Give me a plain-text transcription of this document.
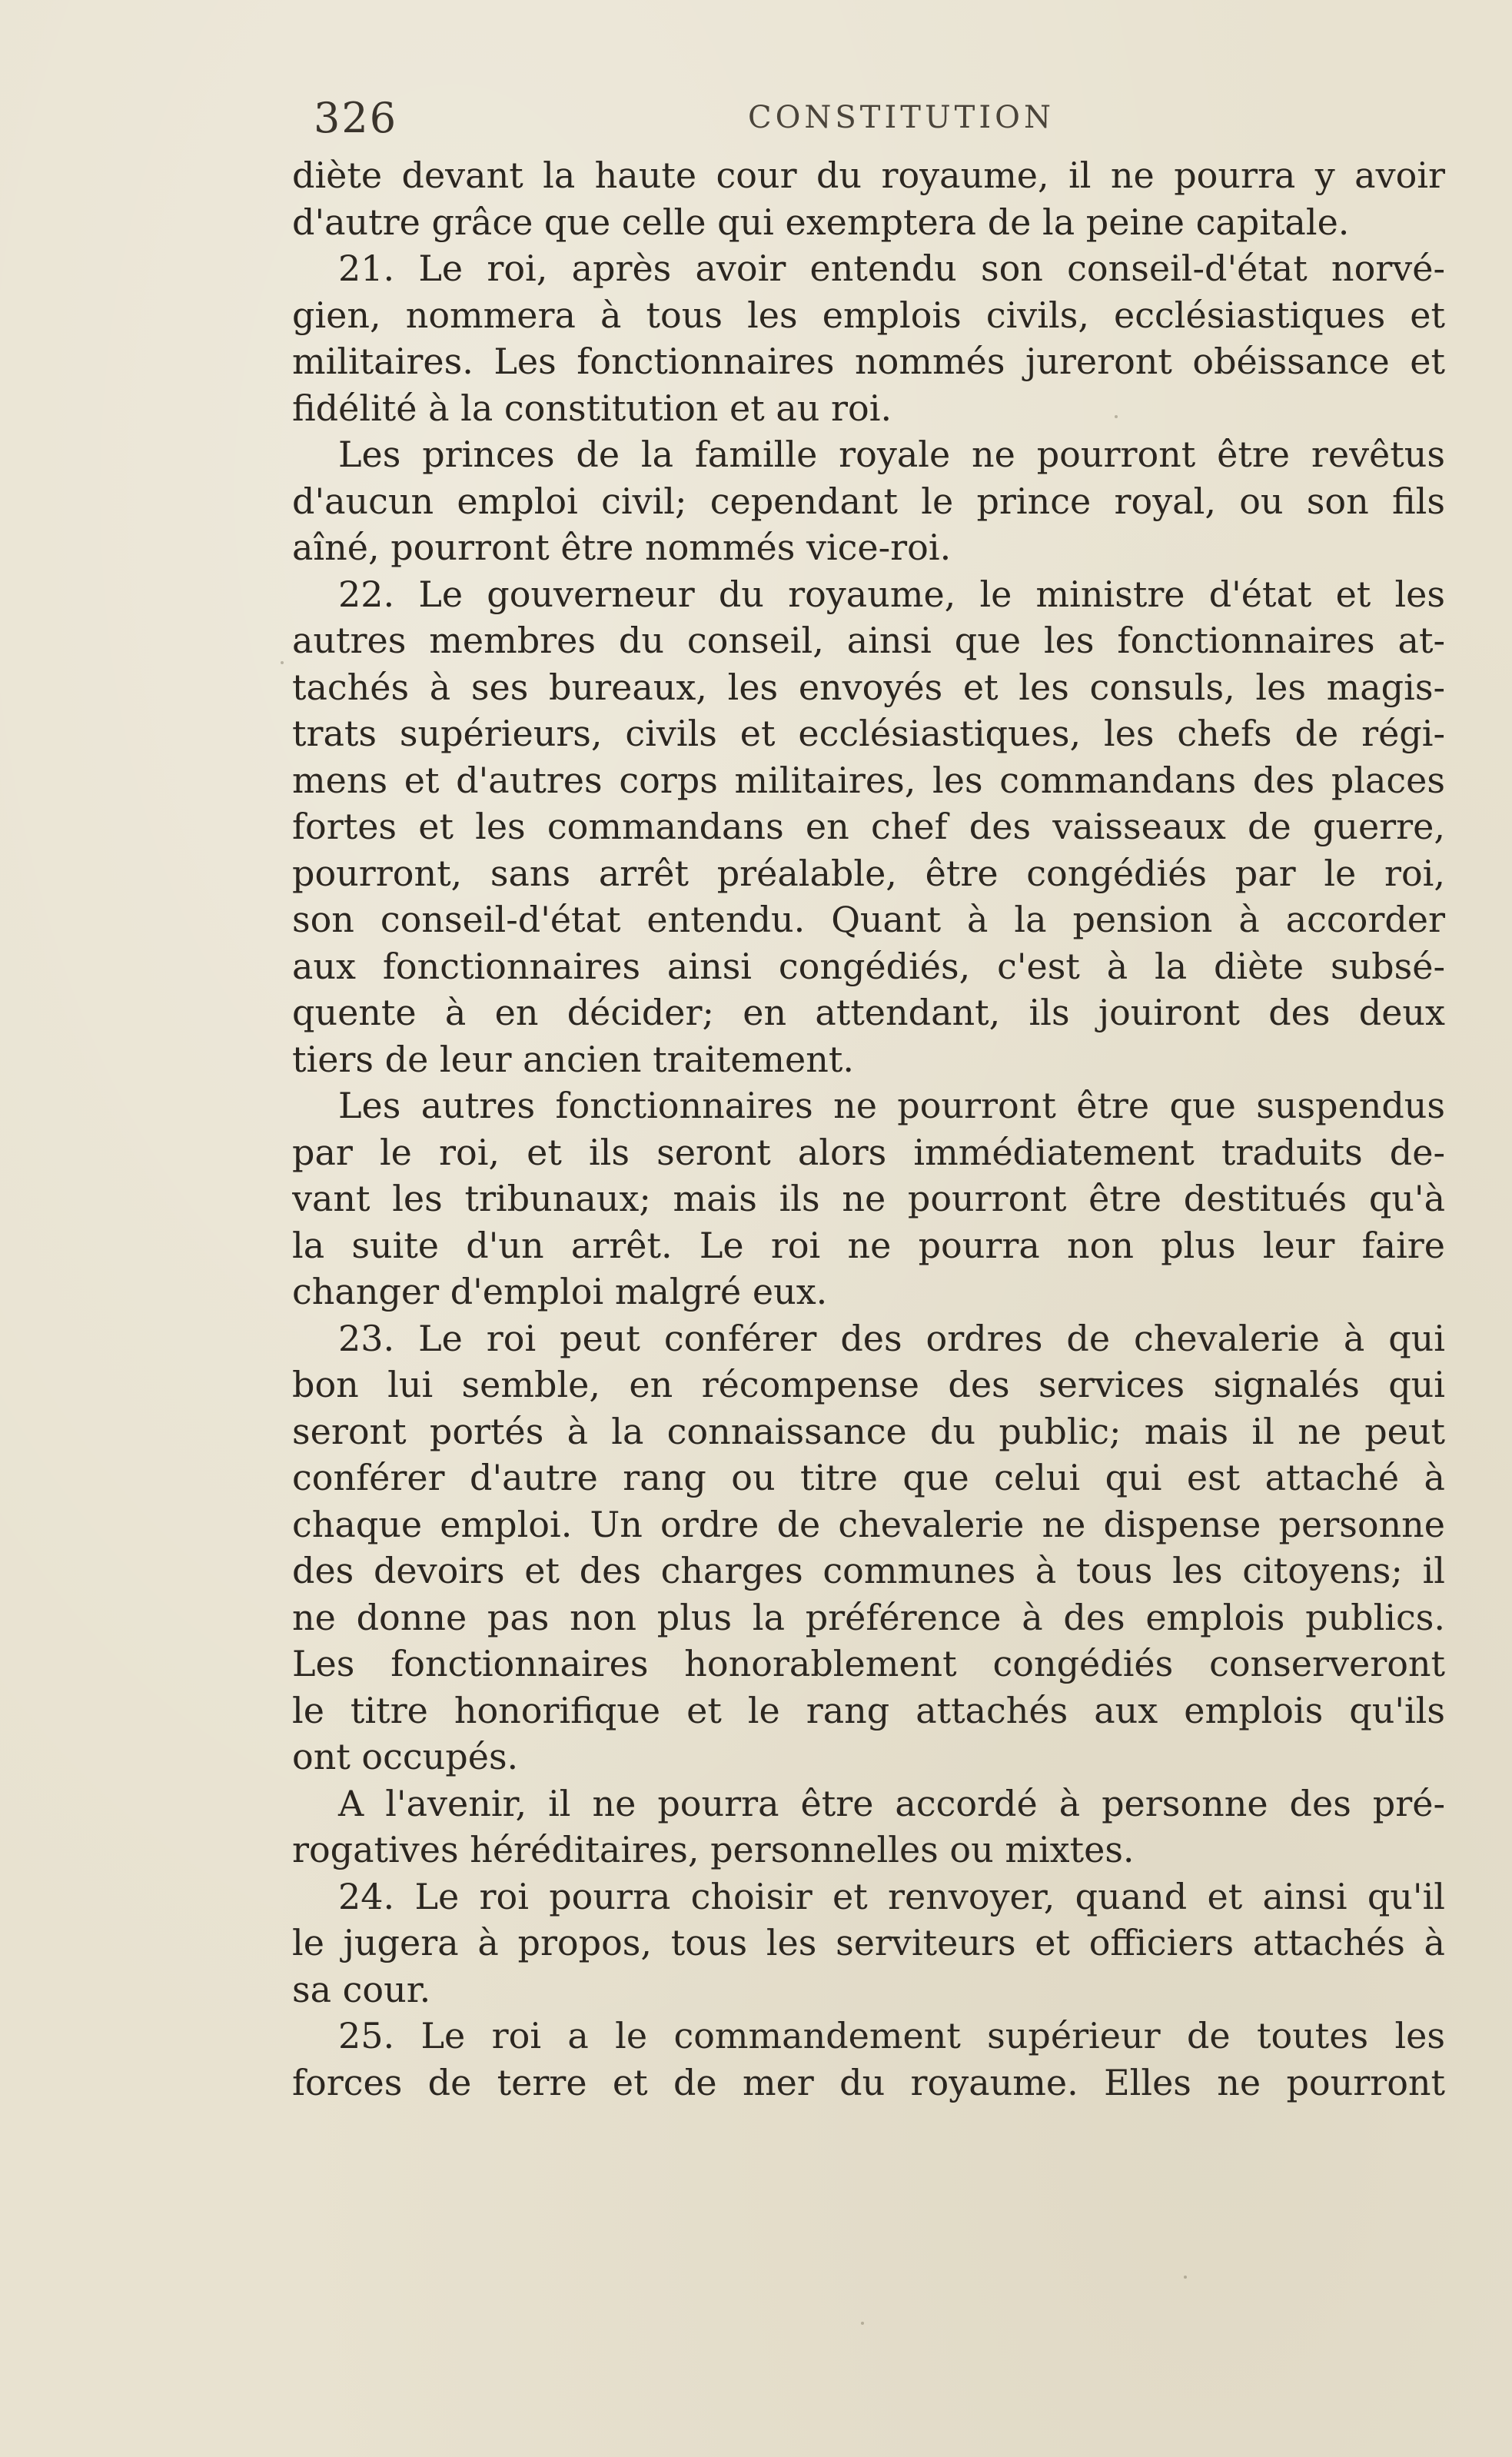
326	CONSTITUTION
diète devant la haute cour du royaume, il ne pourra y avoir
d'autre grâce que celle qui exemptera de la peine capitale.
21. Le roi, après avoir entendu son conseil-d'état norvé-
gien, nommera à tous les emplois civils, ecclésiastiques et
militaires. Les fonctionnaires nommés jureront obéissance et
fidélité à la constitution et au roi.
Les princes de la famille royale ne pourront être revêtus
d'aucun emploi civil; cependant le prince royal, ou son fils
aîné, pourront être nommés vice-roi.
22. Le gouverneur du royaume, le ministre d'état et les
autres membres du conseil, ainsi que les fonctionnaires at-
tachés à ses bureaux, les envoyés et les consuls, les magis-
trats supérieurs, civils et ecclésiastiques, les chefs de régi-
mens et d'autres corps militaires, les commandans des places
fortes et les commandans en chef des vaisseaux de guerre,
pourront, sans arrêt préalable, être congédiés par le roi,
son conseil-d'état entendu. Quant à la pension à accorder
aux fonctionnaires ainsi congédiés, c'est à la diète subsé-
quente à en décider; en attendant, ils jouiront des deux
tiers de leur ancien traitement.
Les autres fonctionnaires ne pourront être que suspendus
par le roi, et ils seront alors immédiatement traduits de-
vant les tribunaux; mais ils ne pourront être destitués qu'à
la suite d'un arrêt. Le roi ne pourra non plus leur faire
changer d'emploi malgré eux.
23. Le roi peut conférer des ordres de chevalerie à qui
bon lui semble, en récompense des services signalés qui
seront portés à la connaissance du public; mais il ne peut
conférer d'autre rang ou titre que celui qui est attaché à
chaque emploi. Un ordre de chevalerie ne dispense personne
des devoirs et des charges communes à tous les citoyens; il
ne donne pas non plus la préférence à des emplois publics.
Les fonctionnaires honorablement congédiés conserveront
le titre honorifique et le rang attachés aux emplois qu'ils
ont occupés.
A l'avenir, il ne pourra être accordé à personne des pré-
rogatives héréditaires, personnelles ou mixtes.
24. Le roi pourra choisir et renvoyer, quand et ainsi qu'il
le jugera à propos, tous les serviteurs et officiers attachés à
sa cour.
25. Le roi a le commandement supérieur de toutes les
forces de terre et de mer du royaume. Elles ne pourront
